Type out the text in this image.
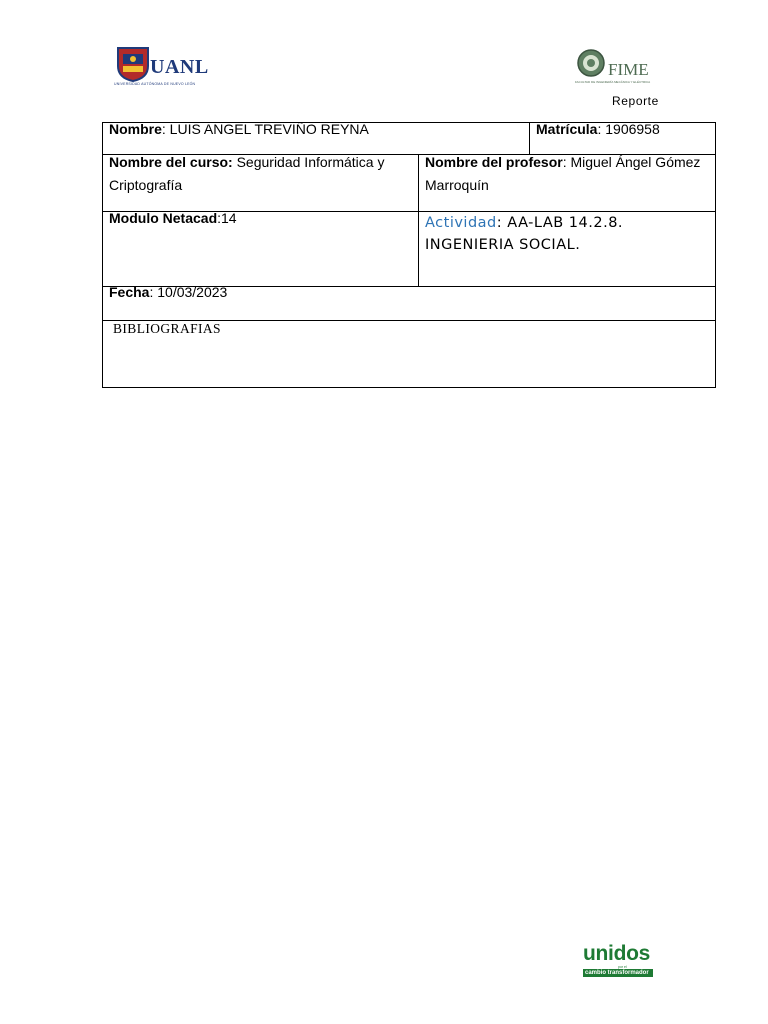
UANL
UNIVERSIDAD AUTÓNOMA DE NUEVO LEÓN
FIME
FACULTAD DE INGENIERÍA MECÁNICA Y ELÉCTRICA
Reporte
Nombre: LUIS ANGEL TREVIÑO REYNA	Matrícula: 1906958
Nombre del curso: Seguridad Informática y
Criptografía
Nombre del profesor: Miguel Ángel Gómez
Marroquín
Modulo Netacad:14	Actividad: AA-LAB 14.2.8.
INGENIERIA SOCIAL.
Fecha: 10/03/2023
BIBLIOGRAFIAS
unidos
por el
cambio transformador
